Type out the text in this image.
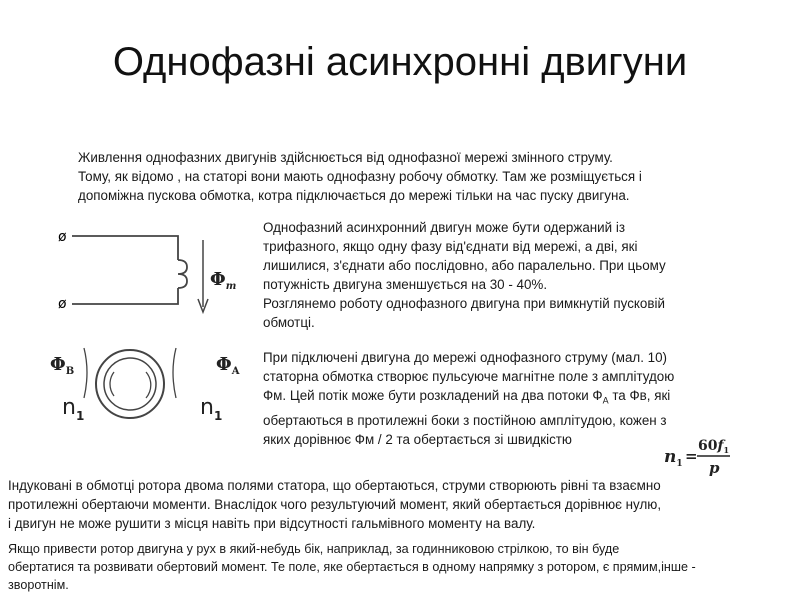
Однофазні асинхронні двигуни
Живлення однофазних двигунів здійснюється від однофазної мережі змінного струму.
Тому, як відомо , на статорі вони мають однофазну робочу обмотку. Там же розміщується і
допоміжна пускова обмотка, котра підключається до мережі тільки на час пуску двигуна.
ø
ø
$\Phi_m$
$\Phi_B$	$\Phi_A$
$n_1$	$n_1$
Однофазний асинхронний двигун може бути одержаний із
трифазного, якщо одну фазу від'єднати від мережі, а дві, які
лишилися, з'єднати або послідовно, або паралельно. При цьому
потужність двигуна зменшується на 30 - 40%.
Розглянемо роботу однофазного двигуна при вимкнутій пусковій
обмотці.
При підключені двигуна до мережі однофазного струму (мал. 10)
статорна обмотка створює пульсуюче магнітне поле з амплітудою
Фм. Цей потік може бути розкладений на два потоки $Ф_А$ та Фв, які
обертаються в протилежні боки з постійною амплітудою, кожен з
яких дорівнює Фм / 2 та обертається зі швидкістю
$n_1$ =
$60f_1$
p
Індуковані в обмотці ротора двома полями статора, що обертаються, струми створюють рівні та взаємно
протилежні обертаючи моменти. Внаслідок чого результуючий момент, який обертається дорівнює нулю,
і двигун не може рушити з місця навіть при відсутності гальмівного моменту на валу.
Якщо привести ротор двигуна у рух в який-небудь бік, наприклад, за годинниковою стрілкою, то він буде
обертатися та розвивати обертовий момент. Те поле, яке обертається в одному напрямку з ротором, є прямим,інше -
зворотнім.
